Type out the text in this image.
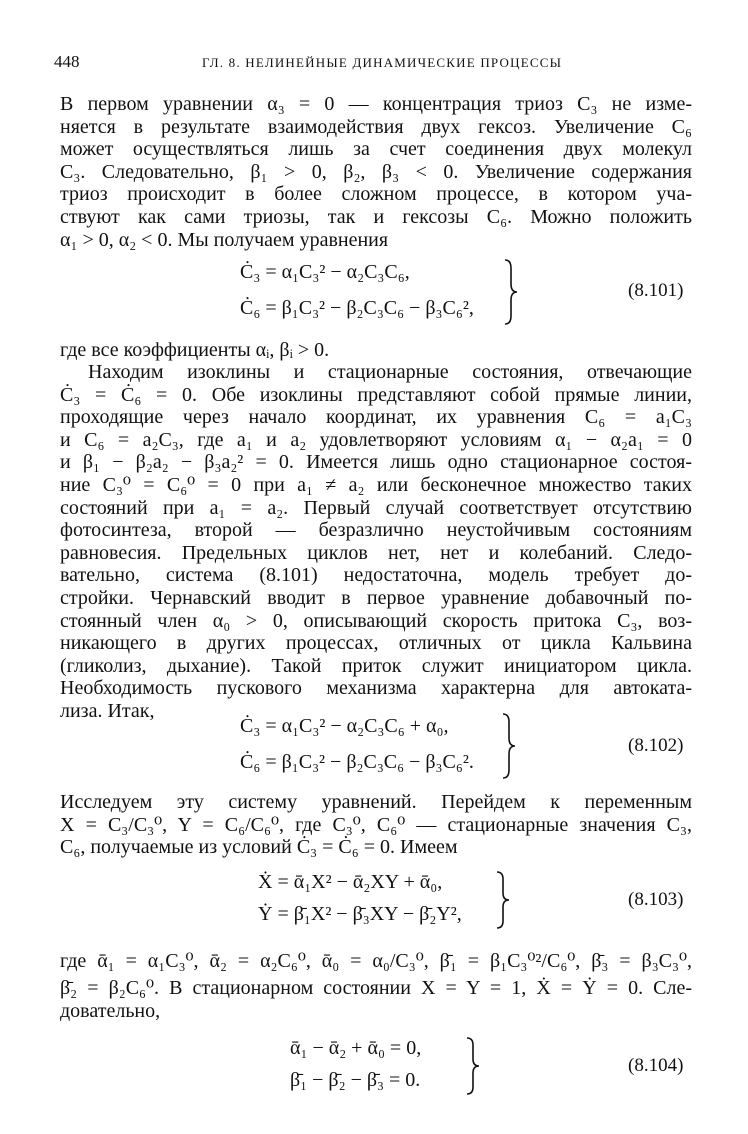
448	ГЛ. 8. НЕЛИНЕЙНЫЕ ДИНАМИЧЕСКИЕ ПРОЦЕССЫ
В первом уравнении α₃ = 0 — концентрация триоз C₃ не изме-
няется в результате взаимодействия двух гексоз. Увеличение C₆
может осуществляться лишь за счет соединения двух молекул
C₃. Следовательно, β₁ > 0, β₂, β₃ < 0. Увеличение содержания
триоз происходит в более сложном процессе, в котором уча-
ствуют как сами триозы, так и гексозы C₆. Можно положить
α₁ > 0, α₂ < 0. Мы получаем уравнения
Ċ₃ = α₁C₃² − α₂C₃C₆,
Ċ₆ = β₁C₃² − β₂C₃C₆ − β₃C₆²,
(8.101)
где все коэффициенты αᵢ, βᵢ > 0.
Находим изоклины и стационарные состояния, отвечающие
Ċ₃ = Ċ₆ = 0. Обе изоклины представляют собой прямые линии,
проходящие через начало координат, их уравнения C₆ = a₁C₃
и C₆ = a₂C₃, где a₁ и a₂ удовлетворяют условиям α₁ − α₂a₁ = 0
и β₁ − β₂a₂ − β₃a₂² = 0. Имеется лишь одно стационарное состоя-
ние C₃⁰ = C₆⁰ = 0 при a₁ ≠ a₂ или бесконечное множество таких
состояний при a₁ = a₂. Первый случай соответствует отсутствию
фотосинтеза, второй — безразлично неустойчивым состояниям
равновесия. Предельных циклов нет, нет и колебаний. Следо-
вательно, система (8.101) недостаточна, модель требует до-
стройки. Чернавский вводит в первое уравнение добавочный по-
стоянный член α₀ > 0, описывающий скорость притока C₃, воз-
никающего в других процессах, отличных от цикла Кальвина
(гликолиз, дыхание). Такой приток служит инициатором цикла.
Необходимость пускового механизма характерна для автоката-
лиза. Итак,
Ċ₃ = α₁C₃² − α₂C₃C₆ + α₀,
Ċ₆ = β₁C₃² − β₂C₃C₆ − β₃C₆².
(8.102)
Исследуем эту систему уравнений. Перейдем к переменным
X = C₃/C₃⁰, Y = C₆/C₆⁰, где C₃⁰, C₆⁰ — стационарные значения C₃,
C₆, получаемые из условий Ċ₃ = Ċ₆ = 0. Имеем
Ẋ = ᾱ₁X² − ᾱ₂XY + ᾱ₀,
Ẏ = β̄₁X² − β̄₃XY − β̄₂Y²,
(8.103)
где ᾱ₁ = α₁C₃⁰, ᾱ₂ = α₂C₆⁰, ᾱ₀ = α₀/C₃⁰, β̄₁ = β₁C₃⁰²/C₆⁰, β̄₃ = β₃C₃⁰,
β̄₂ = β₂C₆⁰. В стационарном состоянии X = Y = 1, Ẋ = Ẏ = 0. Сле-
довательно,
ᾱ₁ − ᾱ₂ + ᾱ₀ = 0,
β̄₁ − β̄₂ − β̄₃ = 0.
(8.104)
